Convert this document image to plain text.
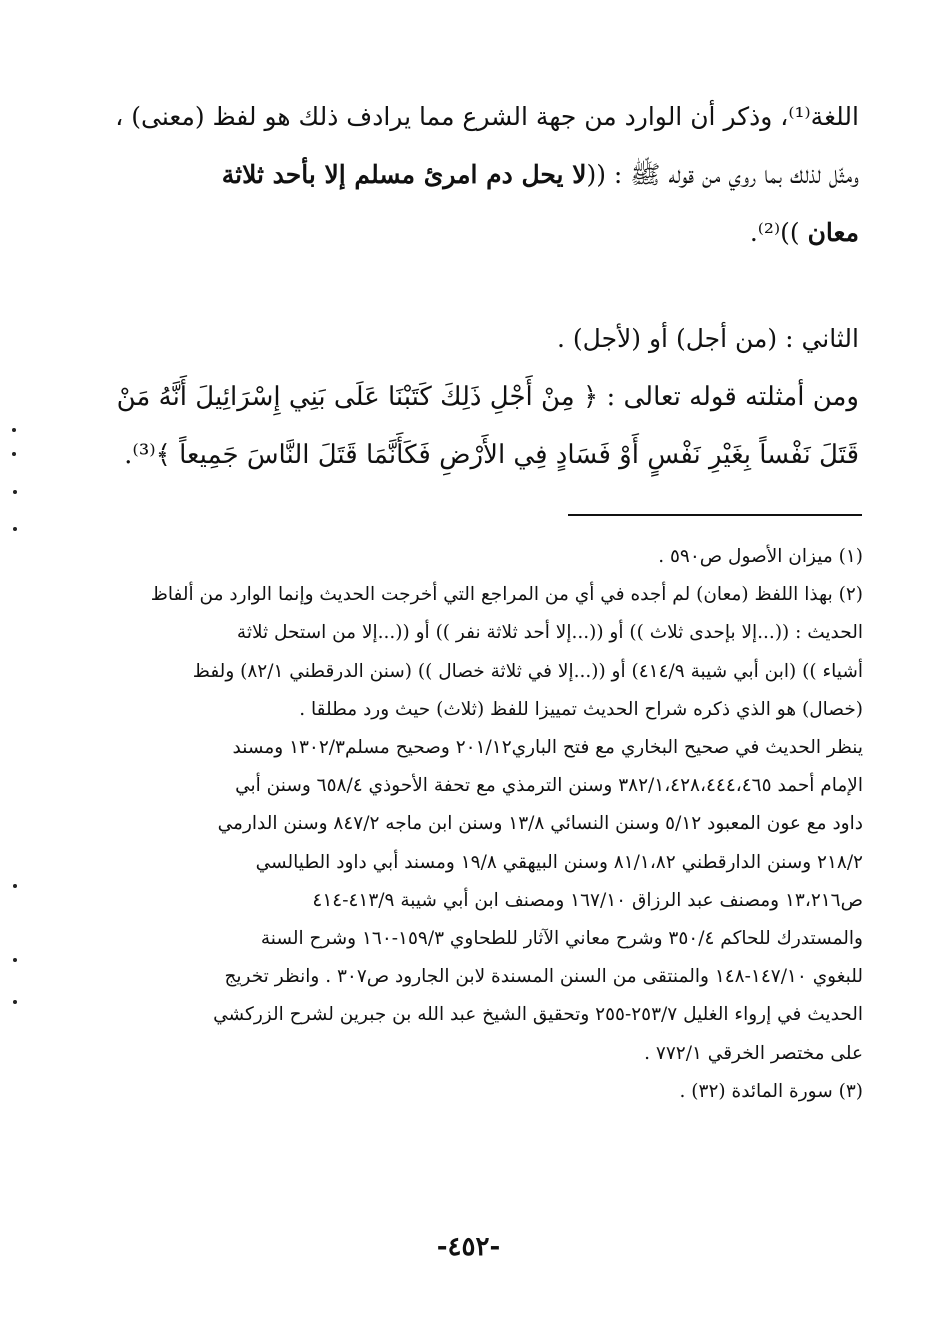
اللغة⁽¹⁾، وذكر أن الوارد من جهة الشرع مما يرادف ذلك هو لفظ (معنى) ،

ومثّل لذلك بما روي من قوله ﷺ : ((لا يحل دم امرئ مسلم إلا بأحد ثلاثة

معان ))⁽²⁾.

الثاني : (من أجل) أو (لأجل) .

ومن أمثلته قوله تعالى : ﴿ مِنْ أَجْلِ ذَلِكَ كَتَبْنَا عَلَى بَنِي إِسْرَائِيلَ أَنَّهُ مَنْ

قَتَلَ نَفْساً بِغَيْرِ نَفْسٍ أَوْ فَسَادٍ فِي الأَرْضِ فَكَأَنَّمَا قَتَلَ النَّاسَ جَمِيعاً ﴾⁽³⁾.

(١) ميزان الأصول ص٥٩٠ .

(٢) بهذا اللفظ (معان) لم أجده في أي من المراجع التي أخرجت الحديث وإنما الوارد من ألفاظ

الحديث : ((...إلا بإحدى ثلاث )) أو ((...إلا أحد ثلاثة نفر )) أو ((...إلا من استحل ثلاثة

أشياء )) (ابن أبي شيبة ٤١٤/٩) أو ((...إلا في ثلاثة خصال )) (سنن الدرقطني ٨٢/١) ولفظ

(خصال) هو الذي ذكره شراح الحديث تمييزا للفظ (ثلاث) حيث ورد مطلقا .

ينظر الحديث في صحيح البخاري مع فتح الباري٢٠١/١٢ وصحيح مسلم١٣٠٢/٣ ومسند

الإمام أحمد ٣٨٢/١،٤٢٨،٤٤٤،٤٦٥ وسنن الترمذي مع تحفة الأحوذي ٦٥٨/٤ وسنن أبي

داود مع عون المعبود ٥/١٢ وسنن النسائي ١٣/٨ وسنن ابن ماجه ٨٤٧/٢ وسنن الدارمي

٢١٨/٢ وسنن الدارقطني ٨١/١،٨٢ وسنن البيهقي ١٩/٨ ومسند أبي داود الطيالسي

ص١٣،٢١٦ ومصنف عبد الرزاق ١٦٧/١٠ ومصنف ابن أبي شيبة ٤١٣/٩-٤١٤

والمستدرك للحاكم ٣٥٠/٤ وشرح معاني الآثار للطحاوي ١٥٩/٣-١٦٠ وشرح السنة

للبغوي ١٤٧/١٠-١٤٨ والمنتقى من السنن المسندة لابن الجارود ص٣٠٧ . وانظر تخريج

الحديث في إرواء الغليل ٢٥٣/٧-٢٥٥ وتحقيق الشيخ عبد الله بن جبرين لشرح الزركشي

على مختصر الخرقي ٧٧٢/١ .

(٣) سورة المائدة (٣٢) .

-٤٥٢-
